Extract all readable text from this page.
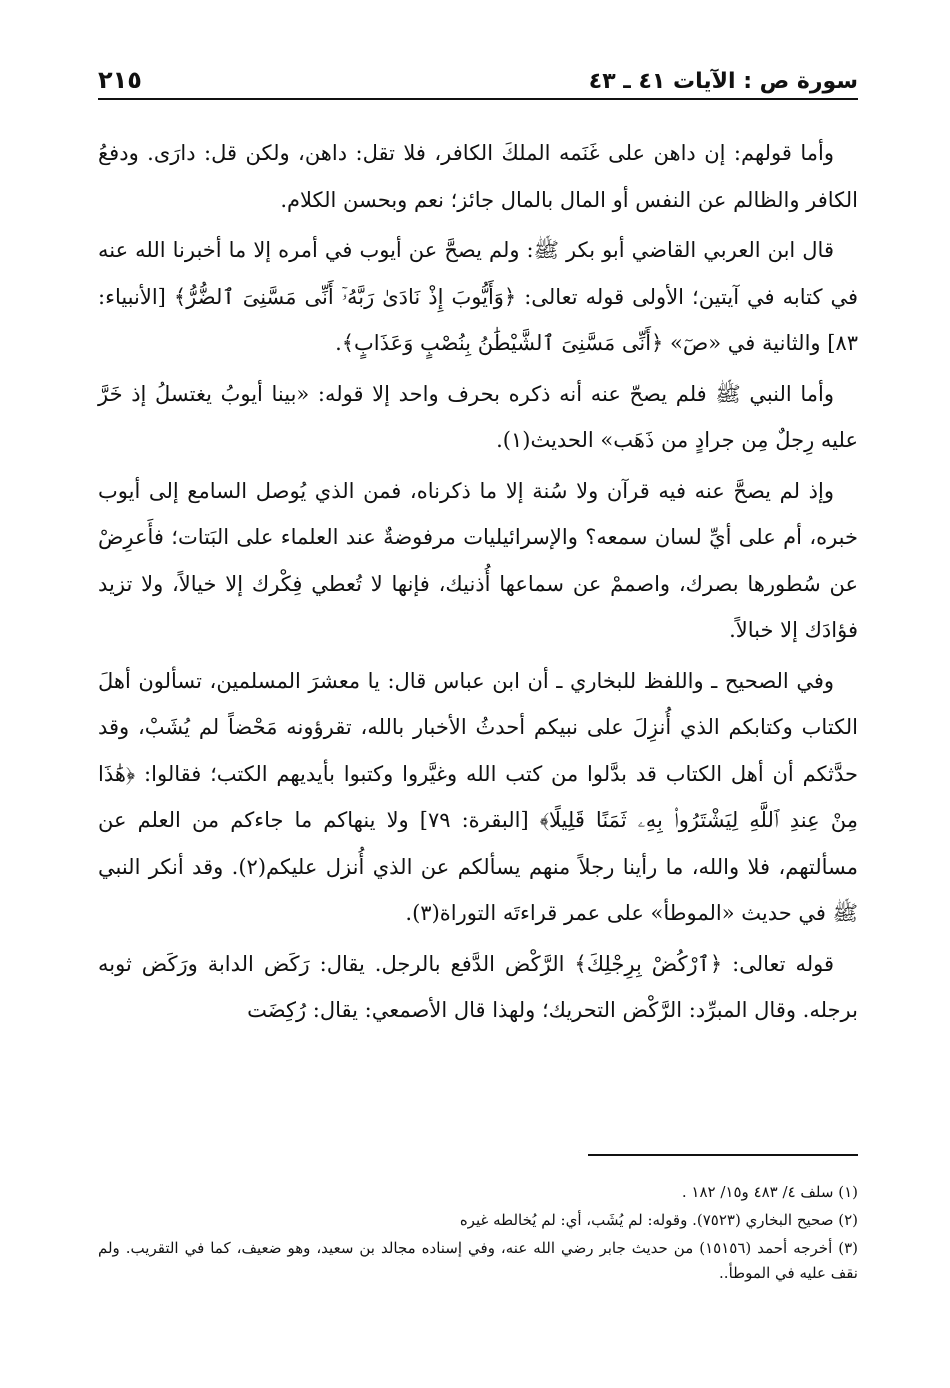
سورة ص : الآيات ٤١ ـ ٤٣
٢١٥

وأما قولهم: إن داهن على غَنَمه الملكَ الكافر، فلا تقل: داهن، ولكن قل: دارَى. ودفعُ الكافر والظالم عن النفس أو المال بالمال جائز؛ نعم وبحسن الكلام.

قال ابن العربي القاضي أبو بكر ﷺ: ولم يصحَّ عن أيوب في أمره إلا ما أخبرنا الله عنه في كتابه في آيتين؛ الأولى قوله تعالى: ﴿وَأَيُّوبَ إِذْ نَادَىٰ رَبَّهُۥٓ أَنِّى مَسَّنِىَ ٱلضُّرُّ﴾ [الأنبياء: ٨٣] والثانية في «صٓ» ﴿أَنِّى مَسَّنِىَ ٱلشَّيْطَٰنُ بِنُصْبٍ وَعَذَابٍ﴾.

وأما النبي ﷺ فلم يصحّ عنه أنه ذكره بحرف واحد إلا قوله: «بينا أيوبُ يغتسلُ إذ خَرَّ عليه رِجلٌ مِن جرادٍ من ذَهَب» الحديث(١).

وإذ لم يصحَّ عنه فيه قرآن ولا سُنة إلا ما ذكرناه، فمن الذي يُوصل السامع إلى أيوب خبره، أم على أيِّ لسان سمعه؟ والإسرائيليات مرفوضةٌ عند العلماء على البَتات؛ فأَعرِضْ عن سُطورها بصرك، واصممْ عن سماعها أُذنيك، فإنها لا تُعطي فِكْرك إلا خيالاً، ولا تزيد فؤادَك إلا خبالاً.

وفي الصحيح ـ واللفظ للبخاري ـ أن ابن عباس قال: يا معشرَ المسلمين، تسألون أهلَ الكتاب وكتابكم الذي أُنزِلَ على نبيكم أحدثُ الأخبار بالله، تقرؤونه مَحْضاً لم يُشَبْ، وقد حدَّثكم أن أهل الكتاب قد بدَّلوا من كتب الله وغيَّروا وكتبوا بأيديهم الكتب؛ فقالوا: ﴿هَٰذَا مِنْ عِندِ ٱللَّهِ لِيَشْتَرُوا۟ بِهِۦ ثَمَنًا قَلِيلًا﴾ [البقرة: ٧٩] ولا ينهاكم ما جاءكم من العلم عن مسألتهم، فلا والله، ما رأينا رجلاً منهم يسألكم عن الذي أُنزل عليكم(٢). وقد أنكر النبي ﷺ في حديث «الموطأ» على عمر قراءتَه التوراة(٣).

قوله تعالى: ﴿ٱرْكُضْ بِرِجْلِكَ﴾ الرَّكْض الدَّفع بالرجل. يقال: رَكَض الدابة ورَكَض ثوبه برجله. وقال المبرِّد: الرَّكْض التحريك؛ ولهذا قال الأصمعي: يقال: رُكِضَت

(١) سلف ٤/ ٤٨٣ و١٥/ ١٨٢ .
(٢) صحيح البخاري (٧٥٢٣). وقوله: لم يُشَب، أي: لم يُخالطه غيره
(٣) أخرجه أحمد (١٥١٥٦) من حديث جابر رضي الله عنه، وفي إسناده مجالد بن سعيد، وهو ضعيف، كما في التقريب. ولم نقف عليه في الموطأ..
